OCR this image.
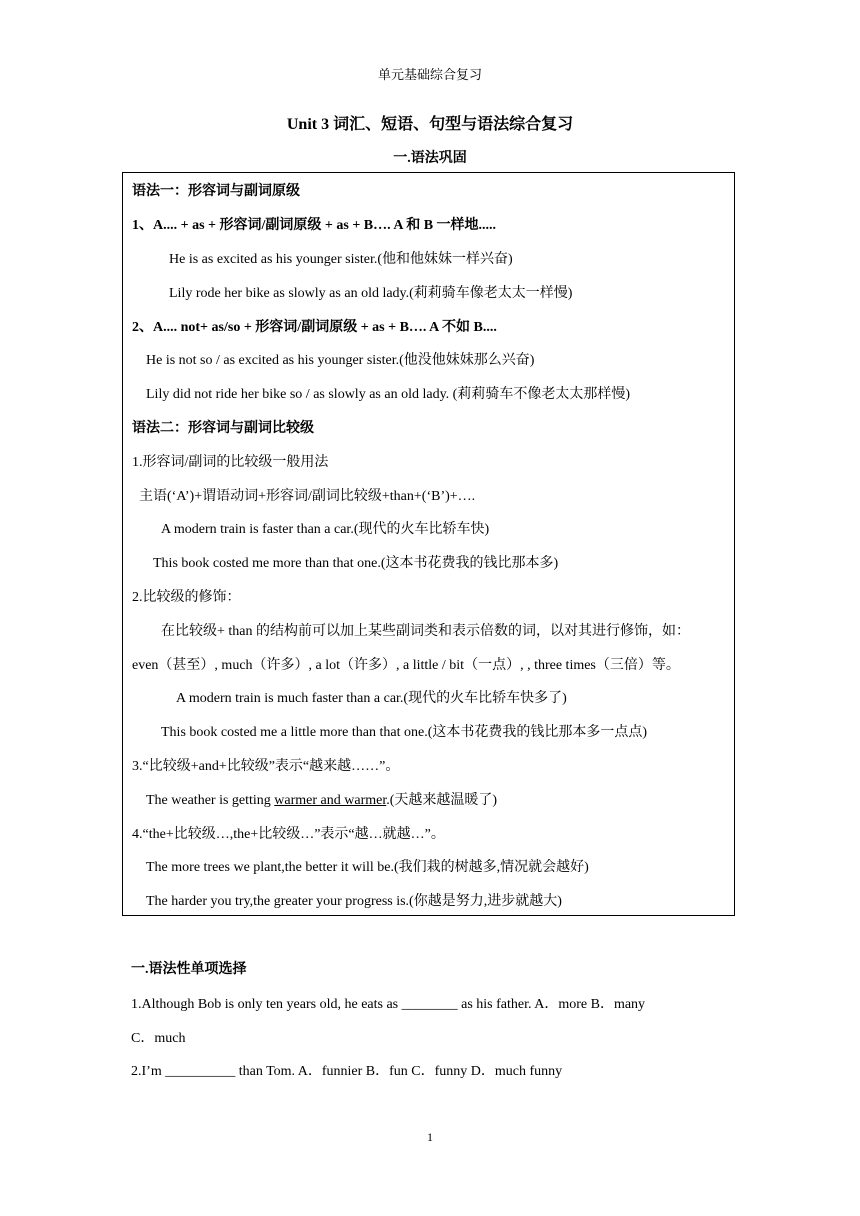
单元基础综合复习
Unit 3 词汇、短语、句型与语法综合复习
一.语法巩固
语法一：形容词与副词原级
1、A.... + as + 形容词/副词原级 + as + B…. A 和 B 一样地.....
He is as excited as his younger sister.(他和他妹妹一样兴奋)
Lily rode her bike as slowly as an old lady.(莉莉骑车像老太太一样慢)
2、A.... not+ as/so + 形容词/副词原级 + as + B…. A 不如 B....
He is not so / as excited as his younger sister.(他没他妹妹那么兴奋)
Lily did not ride her bike so / as slowly as an old lady. (莉莉骑车不像老太太那样慢)
语法二：形容词与副词比较级
1.形容词/副词的比较级一般用法
主语(‘A’)+谓语动词+形容词/副词比较级+than+(‘B’)+….
A modern train is faster than a car.(现代的火车比轿车快)
This book costed me more than that one.(这本书花费我的钱比那本多)
2.比较级的修饰：
在比较级+ than 的结构前可以加上某些副词类和表示倍数的词，以对其进行修饰，如：
even（甚至）, much（许多）, a lot（许多）, a little / bit（一点）, , three times（三倍）等。
A modern train is much faster than a car.(现代的火车比轿车快多了)
This book costed me a little more than that one.(这本书花费我的钱比那本多一点点)
3.“比较级+and+比较级”表示“越来越……”。
The weather is getting warmer and warmer.(天越来越温暖了)
4.“the+比较级…,the+比较级…”表示“越…就越…”。
The more trees we plant,the better it will be.(我们栽的树越多,情况就会越好)
The harder you try,the greater your progress is.(你越是努力,进步就越大)
一.语法性单项选择
1.Although Bob is only ten years old, he eats as ________ as his father. A．more B．many
C．much
2.I’m __________ than Tom. A．funnier B．fun C．funny D．much funny
1
